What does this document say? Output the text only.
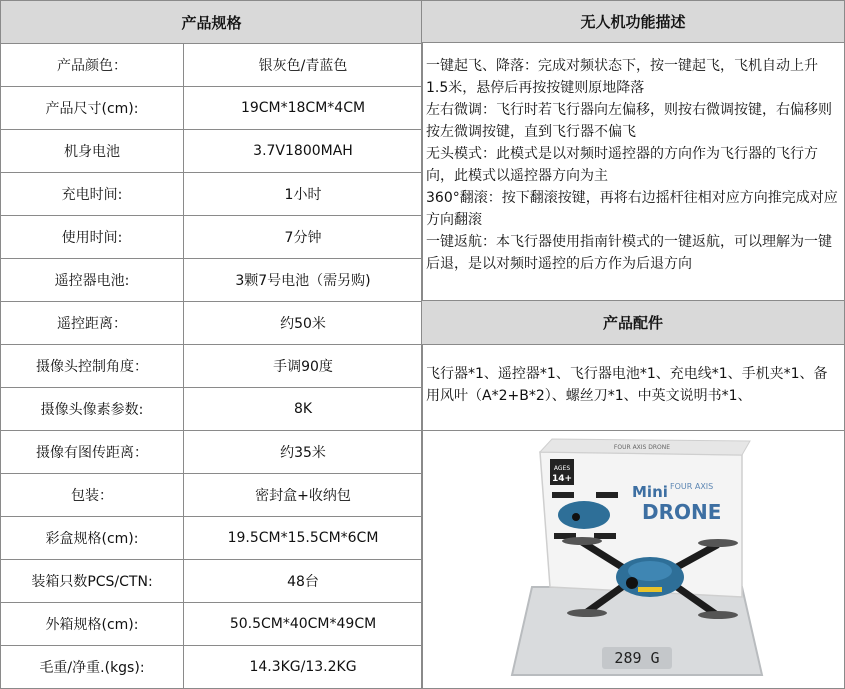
产品规格	
产品颜色：	银灰色/青蓝色
产品尺寸(cm):	19CM*18CM*4CM
机身电池	3.7V1800MAH
充电时间:	1小时
使用时间:	7分钟
遥控器电池:	3颗7号电池（需另购)
遥控距离：	约50米
摄像头控制角度：	手调90度
摄像头像素参数:	8K
摄像有图传距离：	约35米
包装：	密封盒+收纳包
彩盒规格(cm):	19.5CM*15.5CM*6CM
装箱只数PCS/CTN:	48台
外箱规格(cm):	50.5CM*40CM*49CM
毛重/净重.(kgs):	14.3KG/13.2KG
无人机功能描述

一键起飞、降落：完成对频状态下，按一键起飞，飞机自动上升1.5米，悬停后再按按键则原地降落

左右微调：飞行时若飞行器向左偏移，则按右微调按键，右偏移则按左微调按键，直到飞行器不偏飞

无头模式：此模式是以对频时遥控器的方向作为飞行器的飞行方向，此模式以遥控器方向为主

360°翻滚：按下翻滚按键，再将右边摇杆往相对应方向推完成对应方向翻滚

一键返航：本飞行器使用指南针模式的一键返航，可以理解为一键后退，是以对频时遥控的后方作为后退方向

产品配件
飞行器*1、遥控器*1、飞行器电池*1、充电线*1、手机夹*1、备用风叶（A*2+B*2）、螺丝刀*1、中英文说明书*1、
289 G
FOUR AXIS DRONE
AGES
14+
Mini FOUR AXIS
DRONE
